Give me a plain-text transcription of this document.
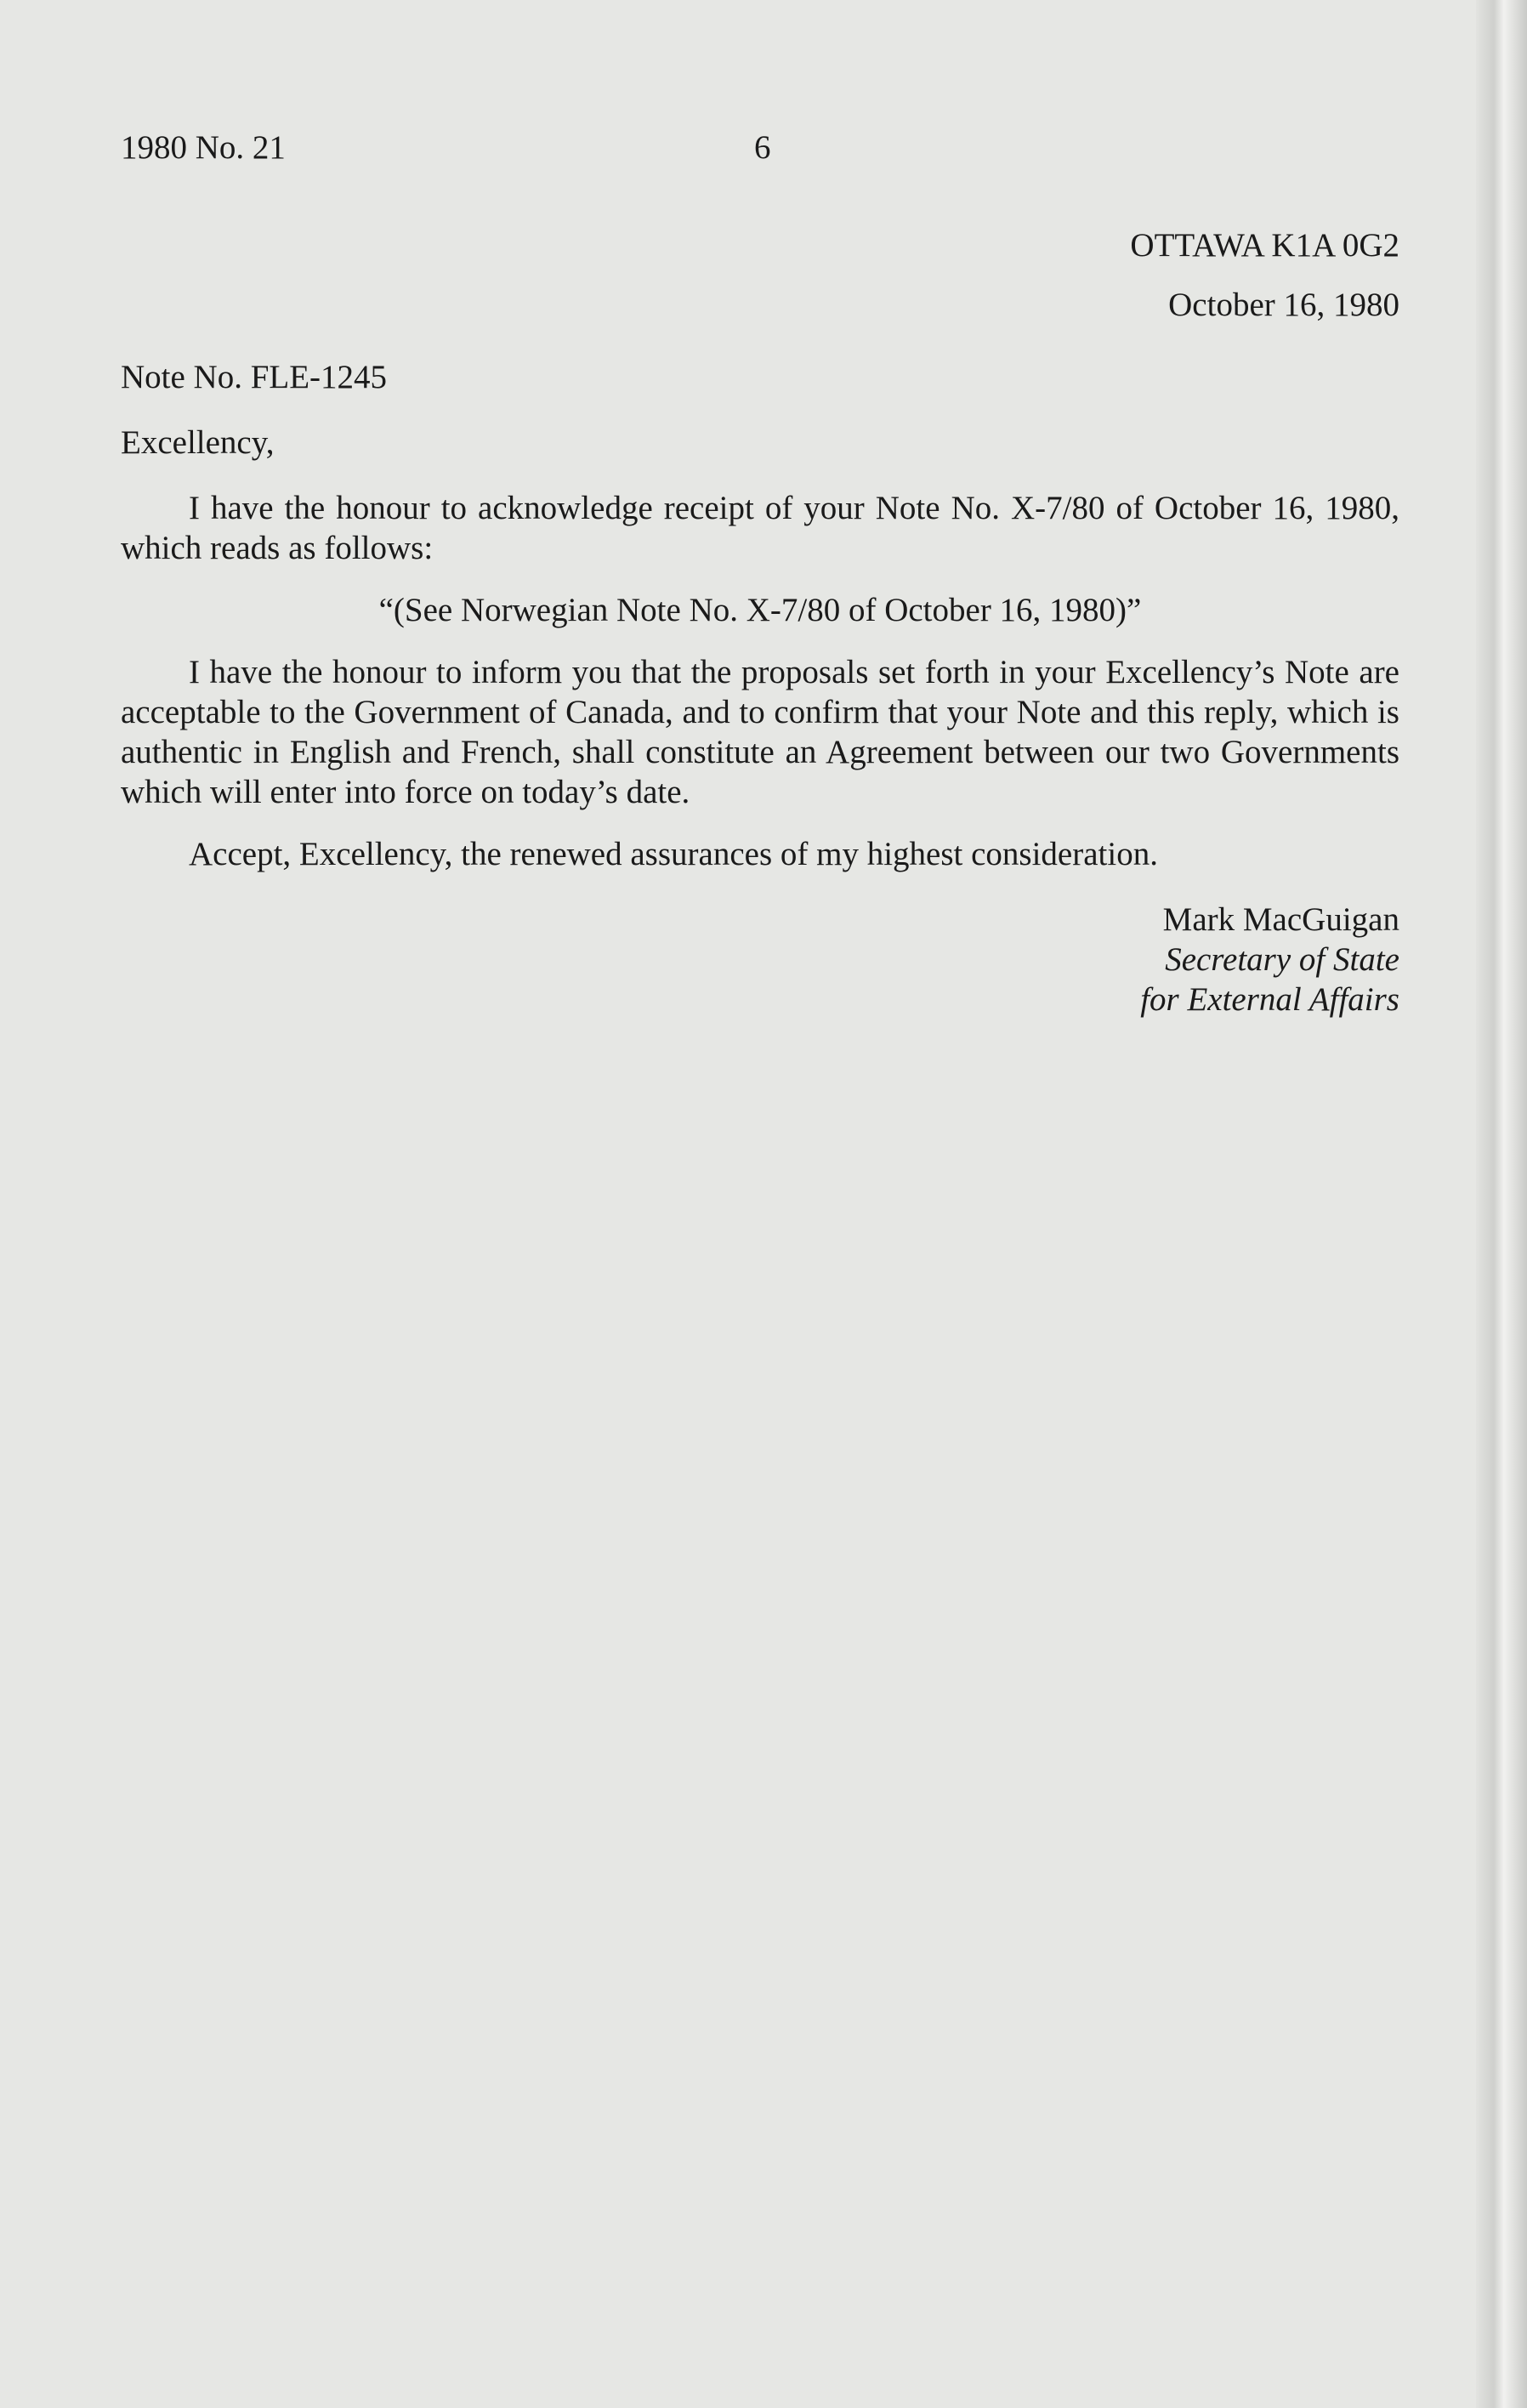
1980 No. 21	6
OTTAWA K1A 0G2
October 16, 1980

Note No. FLE-1245

Excellency,

I have the honour to acknowledge receipt of your Note No. X-7/80 of October 16, 1980, which reads as follows:

“(See Norwegian Note No. X-7/80 of October 16, 1980)”

I have the honour to inform you that the proposals set forth in your Excellency’s Note are acceptable to the Government of Canada, and to confirm that your Note and this reply, which is authentic in English and French, shall constitute an Agreement between our two Governments which will enter into force on today’s date.

Accept, Excellency, the renewed assurances of my highest consideration.

Mark MacGuigan
Secretary of State
for External Affairs
